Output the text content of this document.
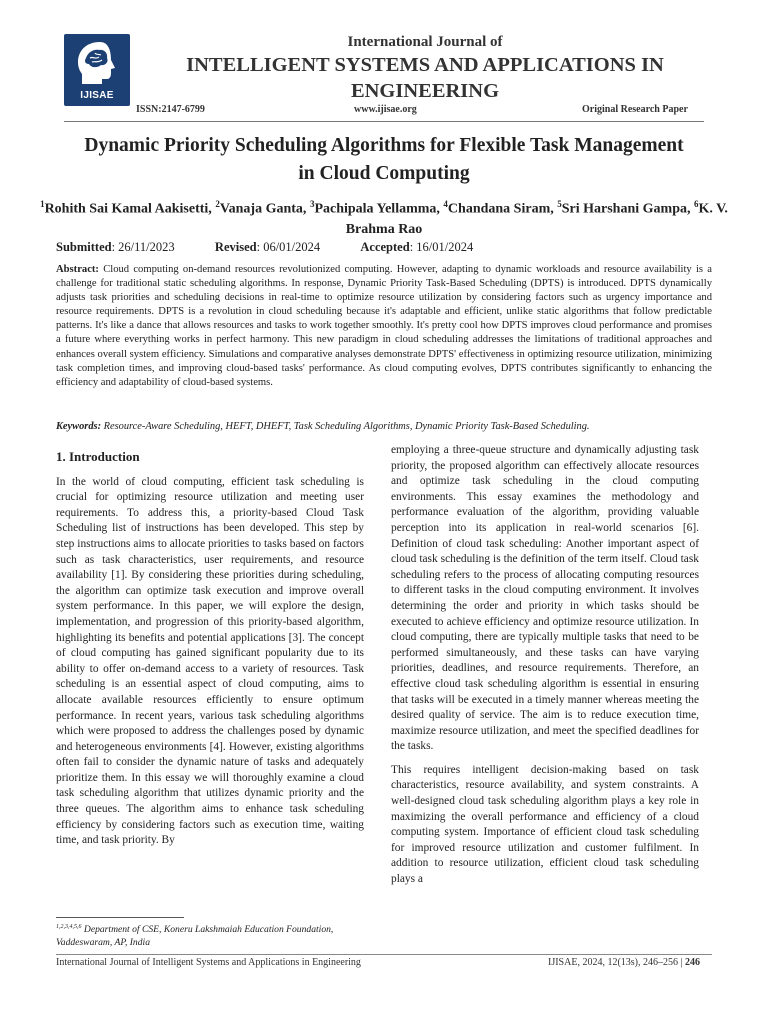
IJISAE
International Journal of
INTELLIGENT SYSTEMS AND APPLICATIONS IN
ENGINEERING
ISSN:2147-6799	www.ijisae.org	Original Research Paper
Dynamic Priority Scheduling Algorithms for Flexible Task Management
in Cloud Computing
$^1$Rohith Sai Kamal Aakisetti, $^2$Vanaja Ganta, $^3$Pachipala Yellamma, $^4$Chandana Siram, $^5$Sri Harshani Gampa, $^6$K. V. Brahma Rao
Submitted: 26/11/2023	Revised: 06/01/2024	Accepted: 16/01/2024
Abstract: Cloud computing on-demand resources revolutionized computing. However, adapting to dynamic workloads and resource availability is a challenge for traditional static scheduling algorithms. In response, Dynamic Priority Task-Based Scheduling (DPTS) is introduced. DPTS dynamically adjusts task priorities and scheduling decisions in real-time to optimize resource utilization by considering factors such as urgency importance and resource requirements. DPTS is a revolution in cloud scheduling because it's adaptable and efficient, unlike static algorithms that follow predictable patterns. It's like a dance that allows resources and tasks to work together smoothly. It's pretty cool how DPTS improves cloud performance and promises a future where everything works in perfect harmony. This new paradigm in cloud scheduling addresses the limitations of traditional approaches and enhances overall system efficiency. Simulations and comparative analyses demonstrate DPTS' effectiveness in optimizing resource utilization, minimizing task completion times, and improving cloud-based tasks' performance. As cloud computing evolves, DPTS contributes significantly to enhancing the efficiency and adaptability of cloud-based systems.
Keywords: Resource-Aware Scheduling, HEFT, DHEFT, Task Scheduling Algorithms, Dynamic Priority Task-Based Scheduling.

1. Introduction

In the world of cloud computing, efficient task scheduling is crucial for optimizing resource utilization and meeting user requirements. To address this, a priority-based Cloud Task Scheduling list of instructions has been developed. This step by step instructions aims to allocate priorities to tasks based on factors such as task characteristics, user requirements, and resource availability [1]. By considering these priorities during scheduling, the algorithm can optimize task execution and improve overall system performance. In this paper, we will explore the design, implementation, and progression of this priority-based algorithm, highlighting its benefits and potential applications [3]. The concept of cloud computing has gained significant popularity due to its ability to offer on-demand access to a variety of resources. Task scheduling is an essential aspect of cloud computing, aims to allocate available resources efficiently to ensure optimum performance. In recent years, various task scheduling algorithms which were proposed to address the challenges posed by dynamic and heterogeneous environments [4]. However, existing algorithms often fail to consider the dynamic nature of tasks and adequately prioritize them. In this essay we will thoroughly examine a cloud task scheduling algorithm that utilizes dynamic priority and the three queues. The algorithm aims to enhance task scheduling efficiency by considering factors such as execution time, waiting time, and task priority. By

employing a three-queue structure and dynamically adjusting task priority, the proposed algorithm can effectively allocate resources and optimize task scheduling in the cloud computing environments. This essay examines the methodology and performance evaluation of the algorithm, providing valuable perception into its application in real-world scenarios [6]. Definition of cloud task scheduling: Another important aspect of cloud task scheduling is the definition of the term itself. Cloud task scheduling refers to the process of allocating computing resources to different tasks in the cloud computing environment. It involves determining the order and priority in which tasks should be executed to achieve efficiency and optimize resource utilization. In cloud computing, there are typically multiple tasks that need to be performed simultaneously, and these tasks can have varying priorities, deadlines, and resource requirements. Therefore, an effective cloud task scheduling algorithm is essential in ensuring that tasks will be executed in a timely manner whereas meeting the desired quality of service. The aim is to reduce execution time, maximize resource utilization, and meet the specified deadlines for the tasks.

This requires intelligent decision-making based on task characteristics, resource availability, and system constraints. A well-designed cloud task scheduling algorithm plays a key role in maximizing the overall performance and efficiency of a cloud computing system. Importance of efficient cloud task scheduling for improved resource utilization and customer fulfilment. In addition to resource utilization, efficient cloud task scheduling plays a

$^{1,2,3,4,5,6}$ Department of CSE, Koneru Lakshmaiah Education Foundation, Vaddeswaram, AP, India
International Journal of Intelligent Systems and Applications in Engineering	IJISAE, 2024, 12(13s), 246–256 | 246
